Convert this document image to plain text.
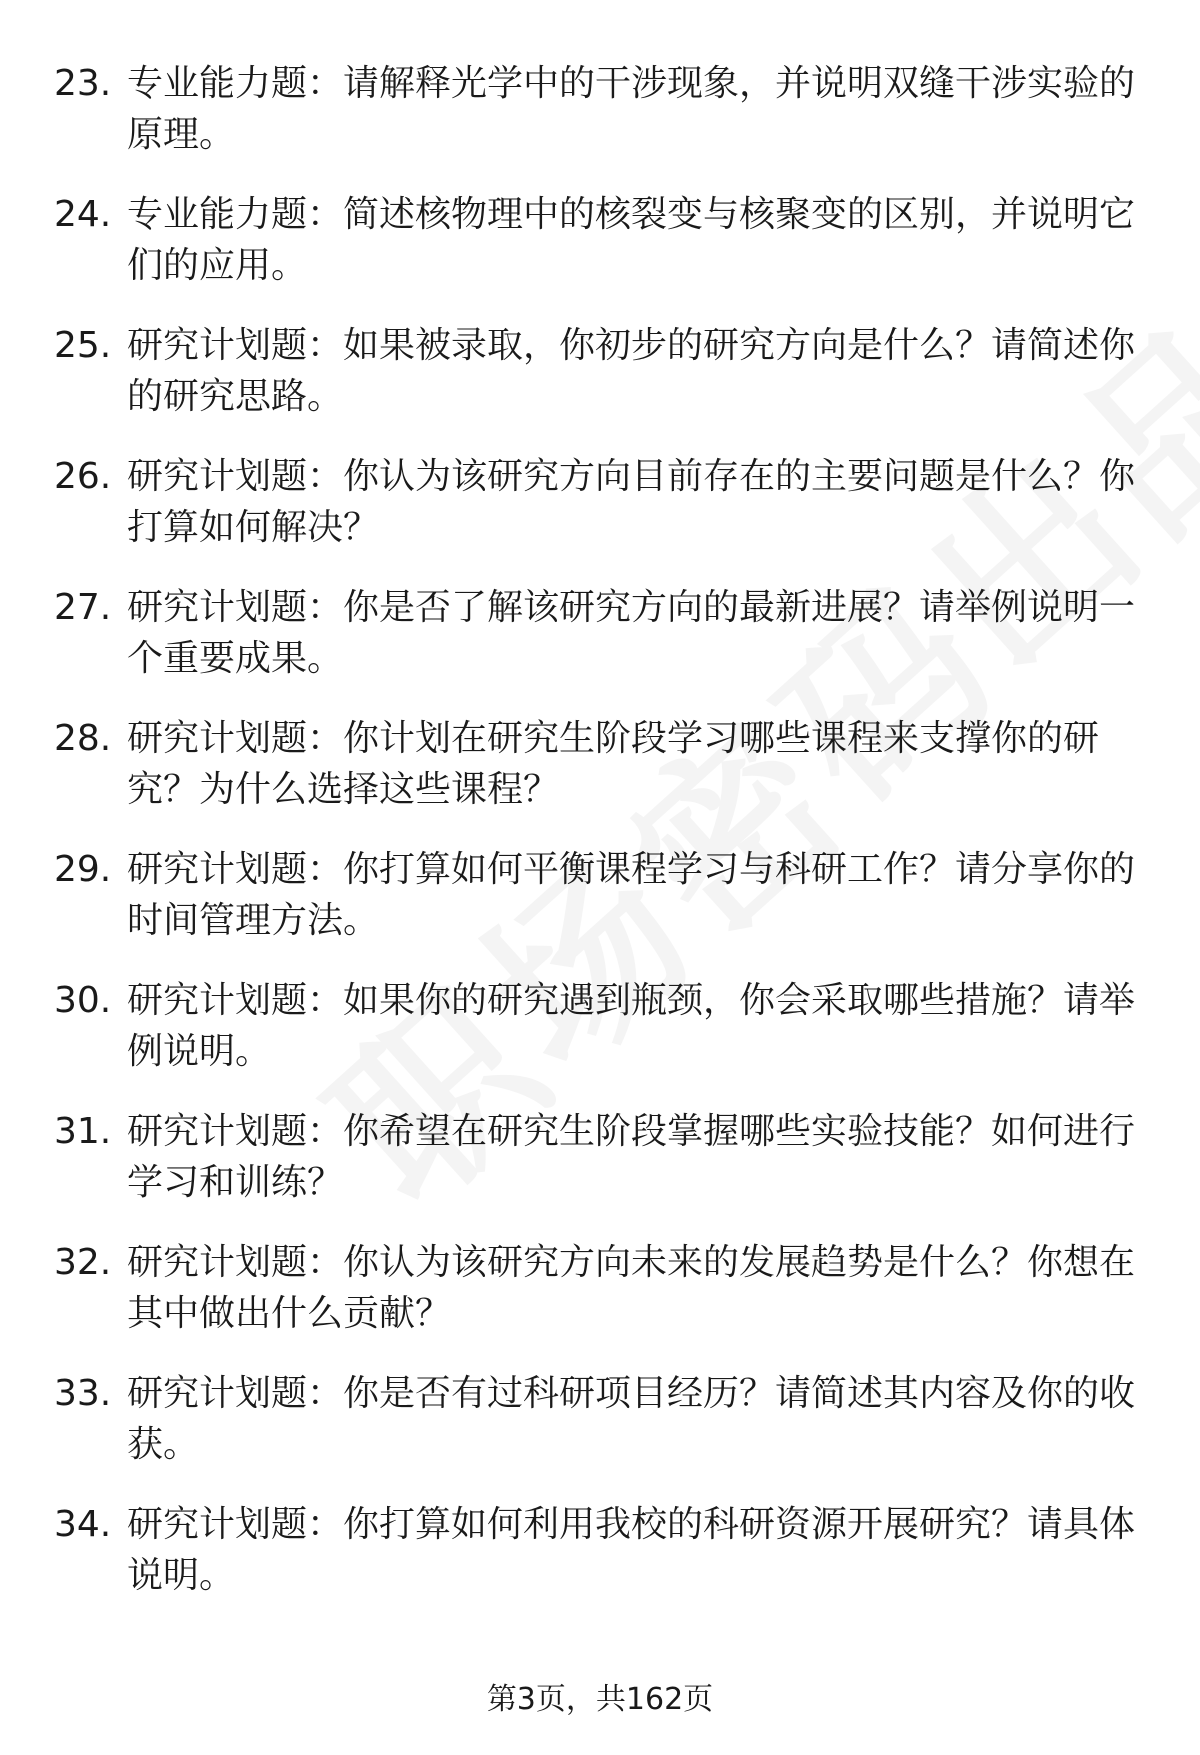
23. 专业能力题：请解释光学中的干涉现象，并说明双缝干涉实验的
原理。
24. 专业能力题：简述核物理中的核裂变与核聚变的区别，并说明它
们的应用。
25. 研究计划题：如果被录取，你初步的研究方向是什么？请简述你
的研究思路。
26. 研究计划题：你认为该研究方向目前存在的主要问题是什么？你
打算如何解决？
27. 研究计划题：你是否了解该研究方向的最新进展？请举例说明一
个重要成果。
28. 研究计划题：你计划在研究生阶段学习哪些课程来支撑你的研
究？为什么选择这些课程？
29. 研究计划题：你打算如何平衡课程学习与科研工作？请分享你的
时间管理方法。
30. 研究计划题：如果你的研究遇到瓶颈，你会采取哪些措施？请举
例说明。
31. 研究计划题：你希望在研究生阶段掌握哪些实验技能？如何进行
学习和训练？
32. 研究计划题：你认为该研究方向未来的发展趋势是什么？你想在
其中做出什么贡献？
33. 研究计划题：你是否有过科研项目经历？请简述其内容及你的收
获。
34. 研究计划题：你打算如何利用我校的科研资源开展研究？请具体
说明。
第3页，共162页
